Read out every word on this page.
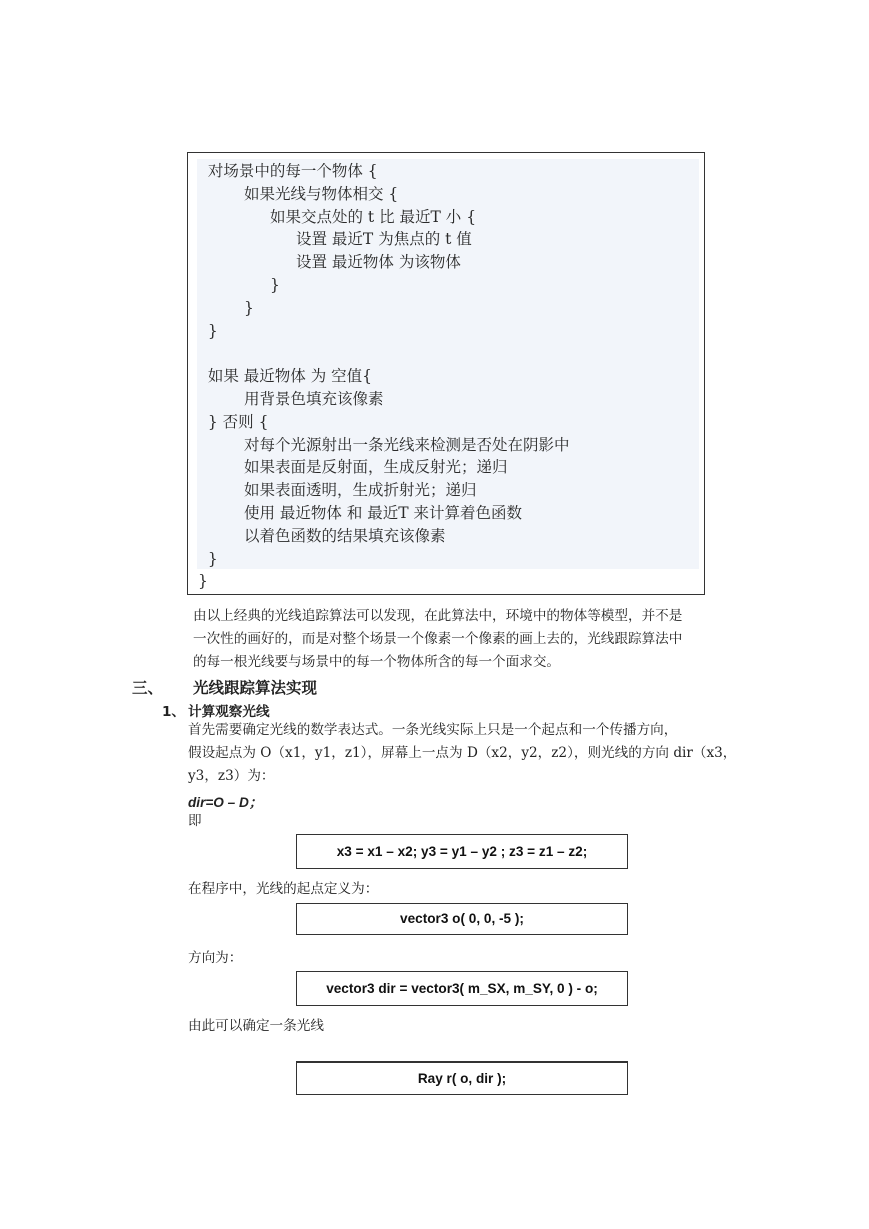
对场景中的每一个物体 {
如果光线与物体相交 {
如果交点处的 t 比 最近T 小 {
设置 最近T 为焦点的 t 值
设置 最近物体 为该物体
}
}
}
如果 最近物体 为 空值{
用背景色填充该像素
} 否则 {
对每个光源射出一条光线来检测是否处在阴影中
如果表面是反射面，生成反射光；递归
如果表面透明，生成折射光；递归
使用 最近物体 和 最近T 来计算着色函数
以着色函数的结果填充该像素
}
}
由以上经典的光线追踪算法可以发现，在此算法中，环境中的物体等模型，并不是
一次性的画好的，而是对整个场景一个像素一个像素的画上去的，光线跟踪算法中
的每一根光线要与场景中的每一个物体所含的每一个面求交。
三、 光线跟踪算法实现
1、 计算观察光线
首先需要确定光线的数学表达式。一条光线实际上只是一个起点和一个传播方向，
假设起点为 O（x1，y1，z1），屏幕上一点为 D（x2，y2，z2），则光线的方向 dir（x3，
y3，z3）为：
dir=O – D；
即
x3 = x1 – x2; y3 = y1 – y2 ; z3 = z1 – z2;
在程序中，光线的起点定义为：
vector3 o( 0, 0, -5 );
方向为：
vector3 dir = vector3( m_SX, m_SY, 0 ) - o;
由此可以确定一条光线
Ray r( o, dir );
